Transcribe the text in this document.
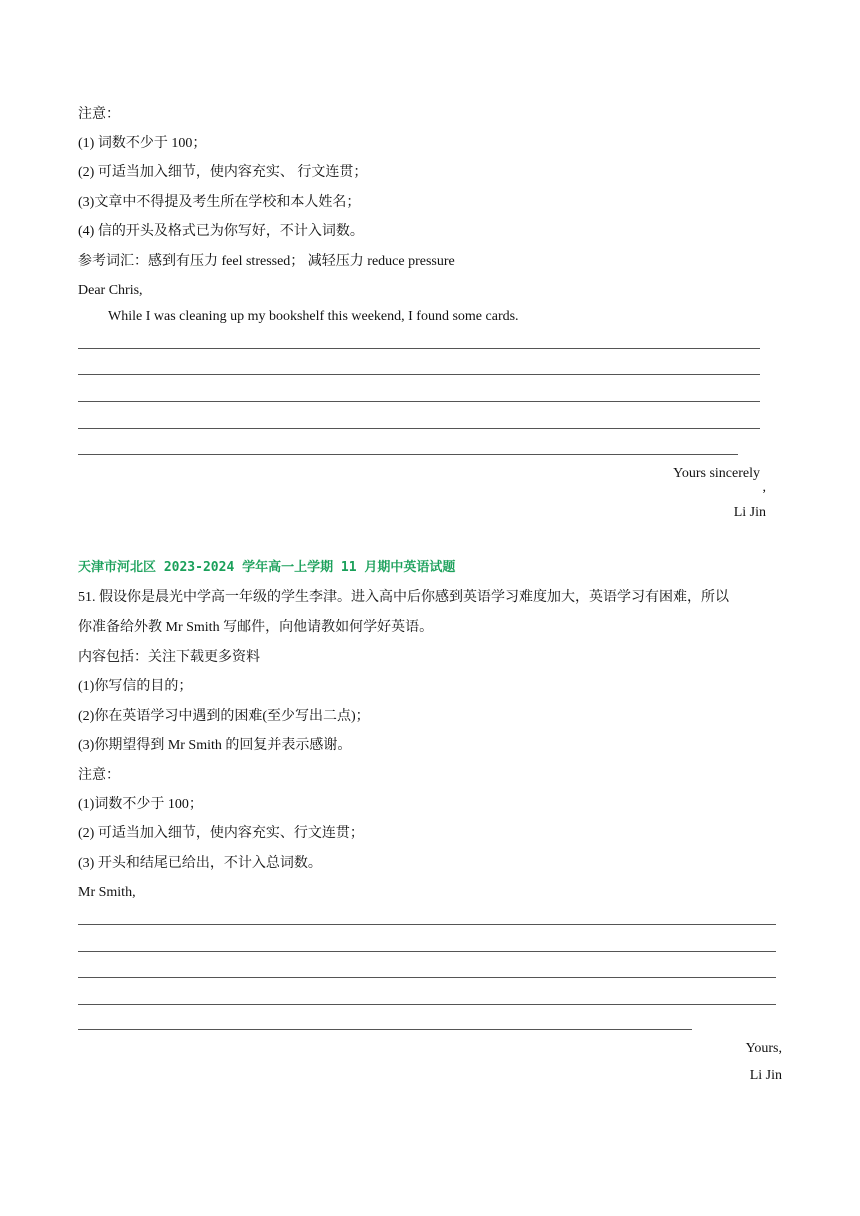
注意：
(1) 词数不少于 100；
(2) 可适当加入细节，使内容充实、 行文连贯；
(3)文章中不得提及考生所在学校和本人姓名；
(4) 信的开头及格式已为你写好，不计入词数。
参考词汇：感到有压力 feel stressed； 减轻压力 reduce pressure
Dear Chris,
While I was cleaning up my bookshelf this weekend, I found some cards.
Yours sincerely
,
Li Jin
天津市河北区 2023-2024 学年高一上学期 11 月期中英语试题
51. 假设你是晨光中学高一年级的学生李津。进入高中后你感到英语学习难度加大，英语学习有困难，所以
你准备给外教 Mr Smith 写邮件，向他请教如何学好英语。
内容包括：关注下载更多资料
(1)你写信的目的；
(2)你在英语学习中遇到的困难(至少写出二点)；
(3)你期望得到 Mr Smith 的回复并表示感谢。
注意：
(1)词数不少于 100；
(2) 可适当加入细节，使内容充实、行文连贯；
(3) 开头和结尾已给出，不计入总词数。
Mr Smith,
Yours,
Li Jin
